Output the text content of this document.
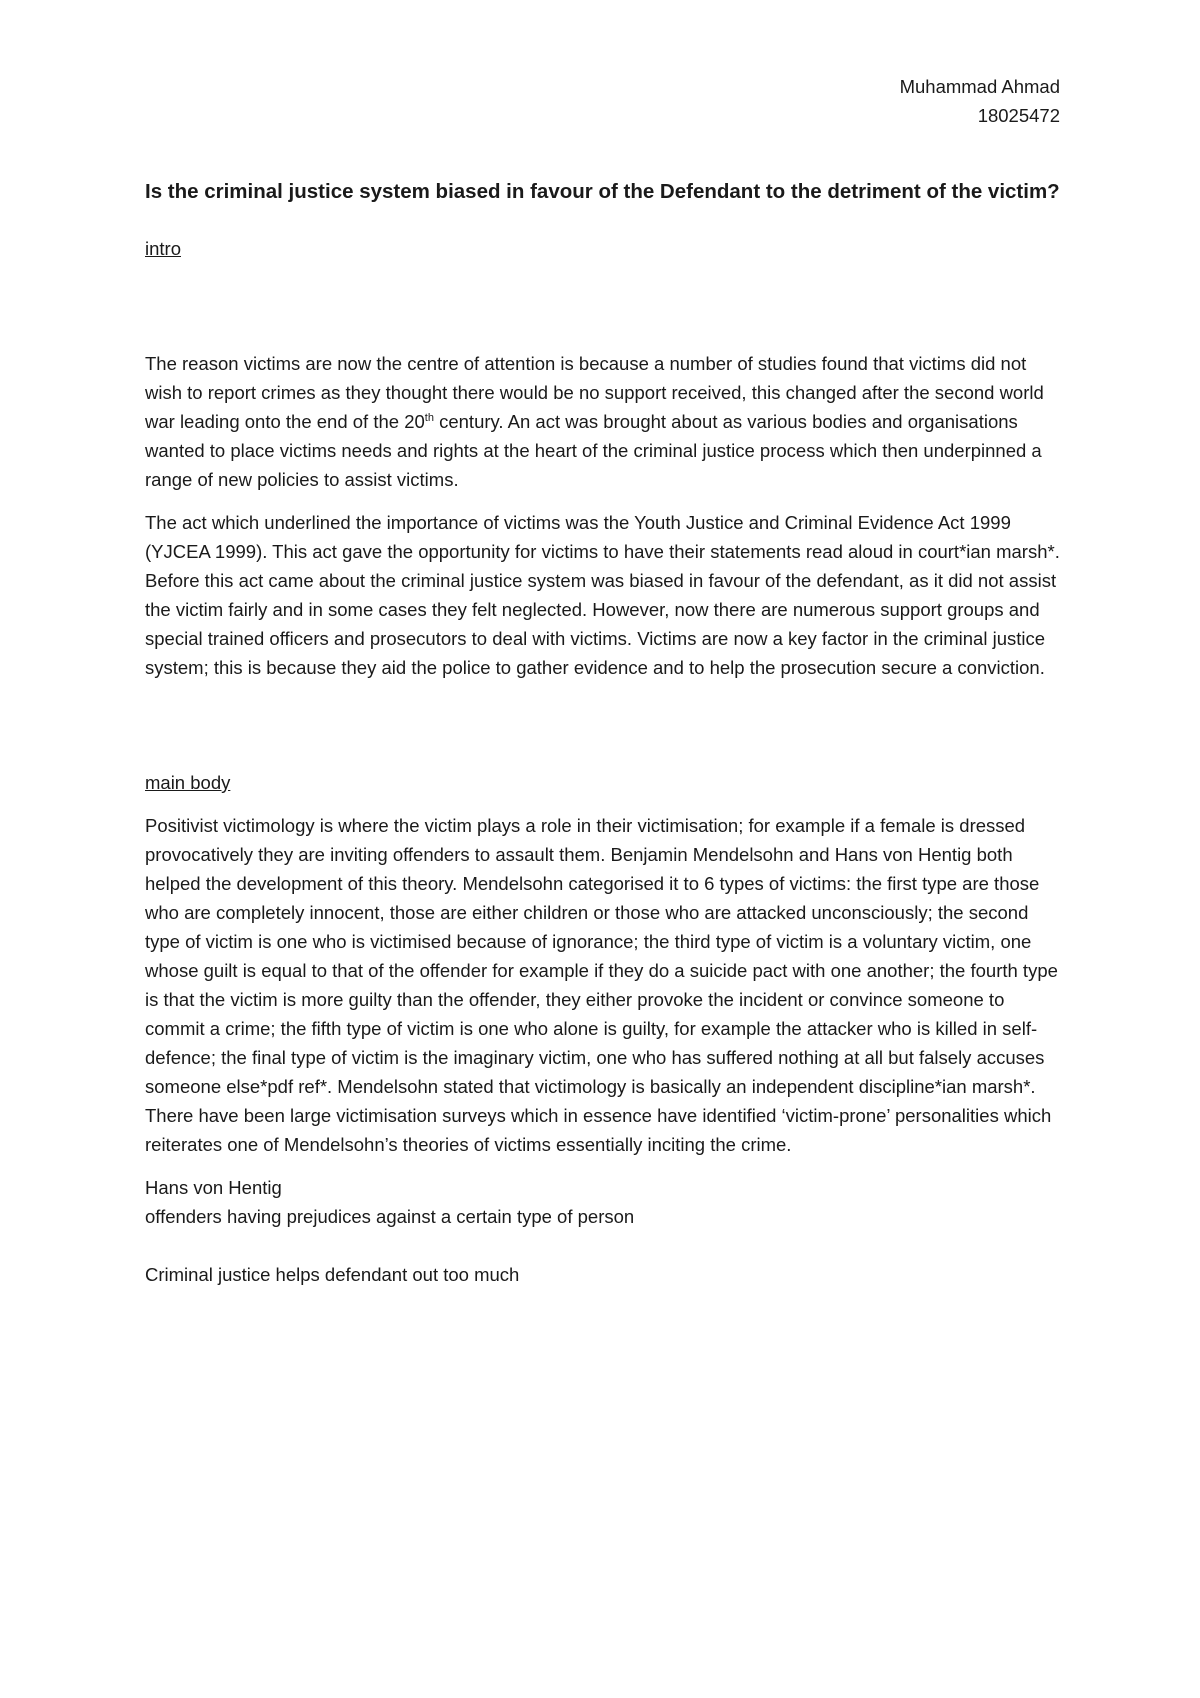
Muhammad Ahmad
18025472
Is the criminal justice system biased in favour of the Defendant to the detriment of the victim?
intro

The reason victims are now the centre of attention is because a number of studies found that victims did not wish to report crimes as they thought there would be no support received, this changed after the second world war leading onto the end of the 20th century. An act was brought about as various bodies and organisations wanted to place victims needs and rights at the heart of the criminal justice process which then underpinned a range of new policies to assist victims.

The act which underlined the importance of victims was the Youth Justice and Criminal Evidence Act 1999 (YJCEA 1999). This act gave the opportunity for victims to have their statements read aloud in court*ian marsh*. Before this act came about the criminal justice system was biased in favour of the defendant, as it did not assist the victim fairly and in some cases they felt neglected. However, now there are numerous support groups and special trained officers and prosecutors to deal with victims. Victims are now a key factor in the criminal justice system; this is because they aid the police to gather evidence and to help the prosecution secure a conviction.

main body

Positivist victimology is where the victim plays a role in their victimisation; for example if a female is dressed provocatively they are inviting offenders to assault them. Benjamin Mendelsohn and Hans von Hentig both helped the development of this theory. Mendelsohn categorised it to 6 types of victims: the first type are those who are completely innocent, those are either children or those who are attacked unconsciously; the second type of victim is one who is victimised because of ignorance; the third type of victim is a voluntary victim, one whose guilt is equal to that of the offender for example if they do a suicide pact with one another; the fourth type is that the victim is more guilty than the offender, they either provoke the incident or convince someone to commit a crime; the fifth type of victim is one who alone is guilty, for example the attacker who is killed in self-defence; the final type of victim is the imaginary victim, one who has suffered nothing at all but falsely accuses someone else*pdf ref*. Mendelsohn stated that victimology is basically an independent discipline*ian marsh*. There have been large victimisation surveys which in essence have identified ‘victim-prone’ personalities which reiterates one of Mendelsohn’s theories of victims essentially inciting the crime.

Hans von Hentig
offenders having prejudices against a certain type of person
Criminal justice helps defendant out too much
